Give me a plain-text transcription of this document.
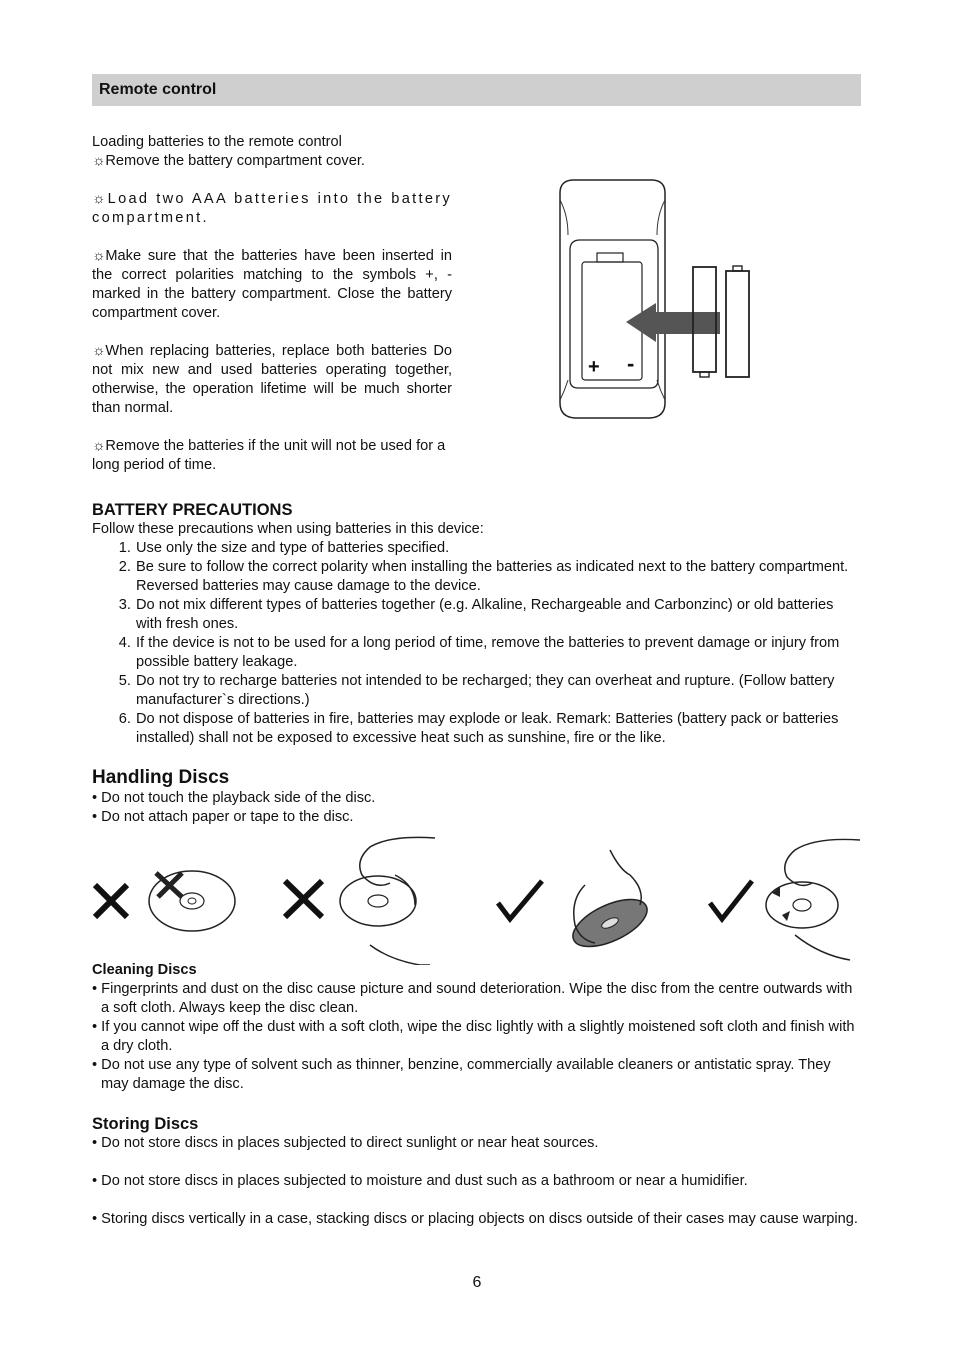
Remote control

Loading batteries to the remote control

☼Remove the battery compartment cover.

☼Load two AAA batteries into the battery compartment.

☼Make sure that the batteries have been inserted in the correct polarities matching to the symbols +, - marked in the battery compartment. Close the battery compartment cover.

☼When replacing batteries, replace both batteries Do not mix new and used batteries operating together, otherwise, the operation lifetime will be much shorter than normal.

☼Remove the batteries if the unit will not be used for a long period of time.

+ -

BATTERY PRECAUTIONS

Follow these precautions when using batteries in this device:

1. Use only the size and type of batteries specified.
2. Be sure to follow the correct polarity when installing the batteries as indicated next to the battery compartment. Reversed batteries may cause damage to the device.
3. Do not mix different types of batteries together (e.g. Alkaline, Rechargeable and Carbonzinc) or old batteries with fresh ones.
4. If the device is not to be used for a long period of time, remove the batteries to prevent damage or injury from possible battery leakage.
5. Do not try to recharge batteries not intended to be recharged; they can overheat and rupture. (Follow battery manufacturer`s directions.)
6. Do not dispose of batteries in fire, batteries may explode or leak. Remark: Batteries (battery pack or batteries installed) shall not be exposed to excessive heat such as sunshine, fire or the like.

Handling Discs

• Do not touch the playback side of the disc.

• Do not attach paper or tape to the disc.

Cleaning Discs

• Fingerprints and dust on the disc cause picture and sound deterioration. Wipe the disc from the centre outwards with a soft cloth. Always keep the disc clean.

• If you cannot wipe off the dust with a soft cloth, wipe the disc lightly with a slightly moistened soft cloth and finish with a dry cloth.

• Do not use any type of solvent such as thinner, benzine, commercially available cleaners or antistatic spray. They may damage the disc.

Storing Discs

• Do not store discs in places subjected to direct sunlight or near heat sources.

• Do not store discs in places subjected to moisture and dust such as a bathroom or near a humidifier.

• Storing discs vertically in a case, stacking discs or placing objects on discs outside of their cases may cause warping.

6
